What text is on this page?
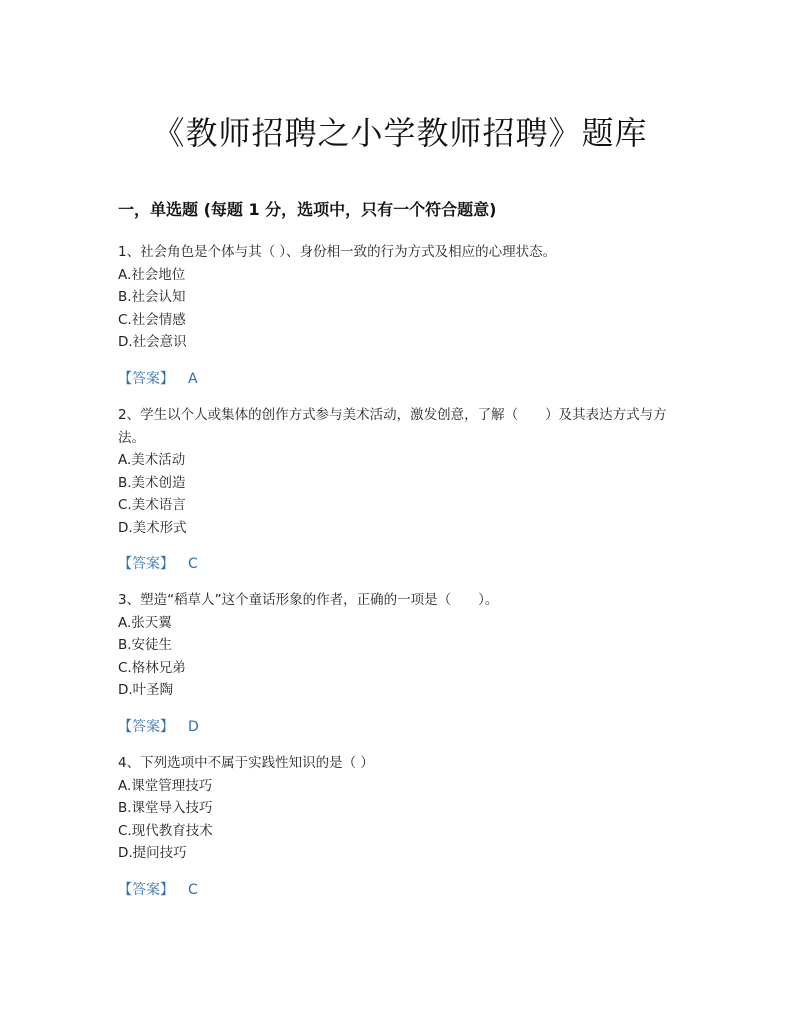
《教师招聘之小学教师招聘》题库
一，单选题 (每题 1 分，选项中，只有一个符合题意)

1、社会角色是个体与其（ ）、身份相一致的行为方式及相应的心理状态。

A.社会地位

B.社会认知

C.社会情感

D.社会意识

【答案】 A

2、学生以个人或集体的创作方式参与美术活动，激发创意，了解（　　）及其表达方式与方法。

A.美术活动

B.美术创造

C.美术语言

D.美术形式

【答案】 C

3、塑造“稻草人”这个童话形象的作者，正确的一项是（　　）。

A.张天翼

B.安徒生

C.格林兄弟

D.叶圣陶

【答案】 D

4、下列选项中不属于实践性知识的是（ ）

A.课堂管理技巧

B.课堂导入技巧

C.现代教育技术

D.提问技巧

【答案】 C
